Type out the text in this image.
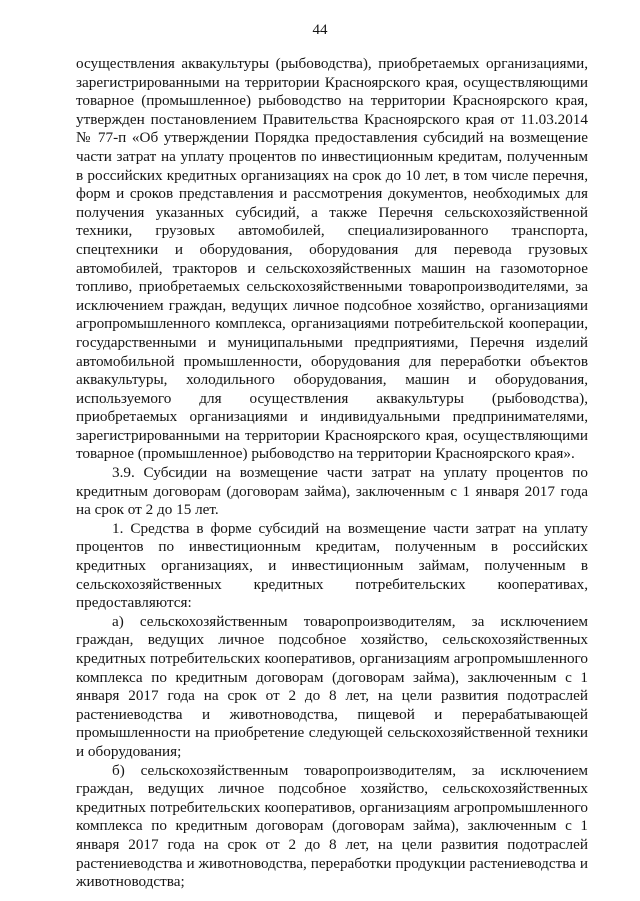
44

осуществления аквакультуры (рыбоводства), приобретаемых организациями, зарегистрированными на территории Красноярского края, осуществляющими товарное (промышленное) рыбоводство на территории Красноярского края, утвержден постановлением Правительства Красноярского края от 11.03.2014 № 77-п «Об утверждении Порядка предоставления субсидий на возмещение части затрат на уплату процентов по инвестиционным кредитам, полученным в российских кредитных организациях на срок до 10 лет, в том числе перечня, форм и сроков представления и рассмотрения документов, необходимых для получения указанных субсидий, а также Перечня сельскохозяйственной техники, грузовых автомобилей, специализированного транспорта, спецтехники и оборудования, оборудования для перевода грузовых автомобилей, тракторов и сельскохозяйственных машин на газомоторное топливо, приобретаемых сельскохозяйственными товаропроизводителями, за исключением граждан, ведущих личное подсобное хозяйство, организациями агропромышленного комплекса, организациями потребительской кооперации, государственными и муниципальными предприятиями, Перечня изделий автомобильной промышленности, оборудования для переработки объектов аквакультуры, холодильного оборудования, машин и оборудования, используемого для осуществления аквакультуры (рыбоводства), приобретаемых организациями и индивидуальными предпринимателями, зарегистрированными на территории Красноярского края, осуществляющими товарное (промышленное) рыбоводство на территории Красноярского края».

3.9. Субсидии на возмещение части затрат на уплату процентов по кредитным договорам (договорам займа), заключенным с 1 января 2017 года на срок от 2 до 15 лет.

1. Средства в форме субсидий на возмещение части затрат на уплату процентов по инвестиционным кредитам, полученным в российских кредитных организациях, и инвестиционным займам, полученным в сельскохозяйственных кредитных потребительских кооперативах, предоставляются:

а) сельскохозяйственным товаропроизводителям, за исключением граждан, ведущих личное подсобное хозяйство, сельскохозяйственных кредитных потребительских кооперативов, организациям агропромышленного комплекса по кредитным договорам (договорам займа), заключенным с 1 января 2017 года на срок от 2 до 8 лет, на цели развития подотраслей растениеводства и животноводства, пищевой и перерабатывающей промышленности на приобретение следующей сельскохозяйственной техники и оборудования;

б) сельскохозяйственным товаропроизводителям, за исключением граждан, ведущих личное подсобное хозяйство, сельскохозяйственных кредитных потребительских кооперативов, организациям агропромышленного комплекса по кредитным договорам (договорам займа), заключенным с 1 января 2017 года на срок от 2 до 8 лет, на цели развития подотраслей растениеводства и животноводства, переработки продукции растениеводства и животноводства;
